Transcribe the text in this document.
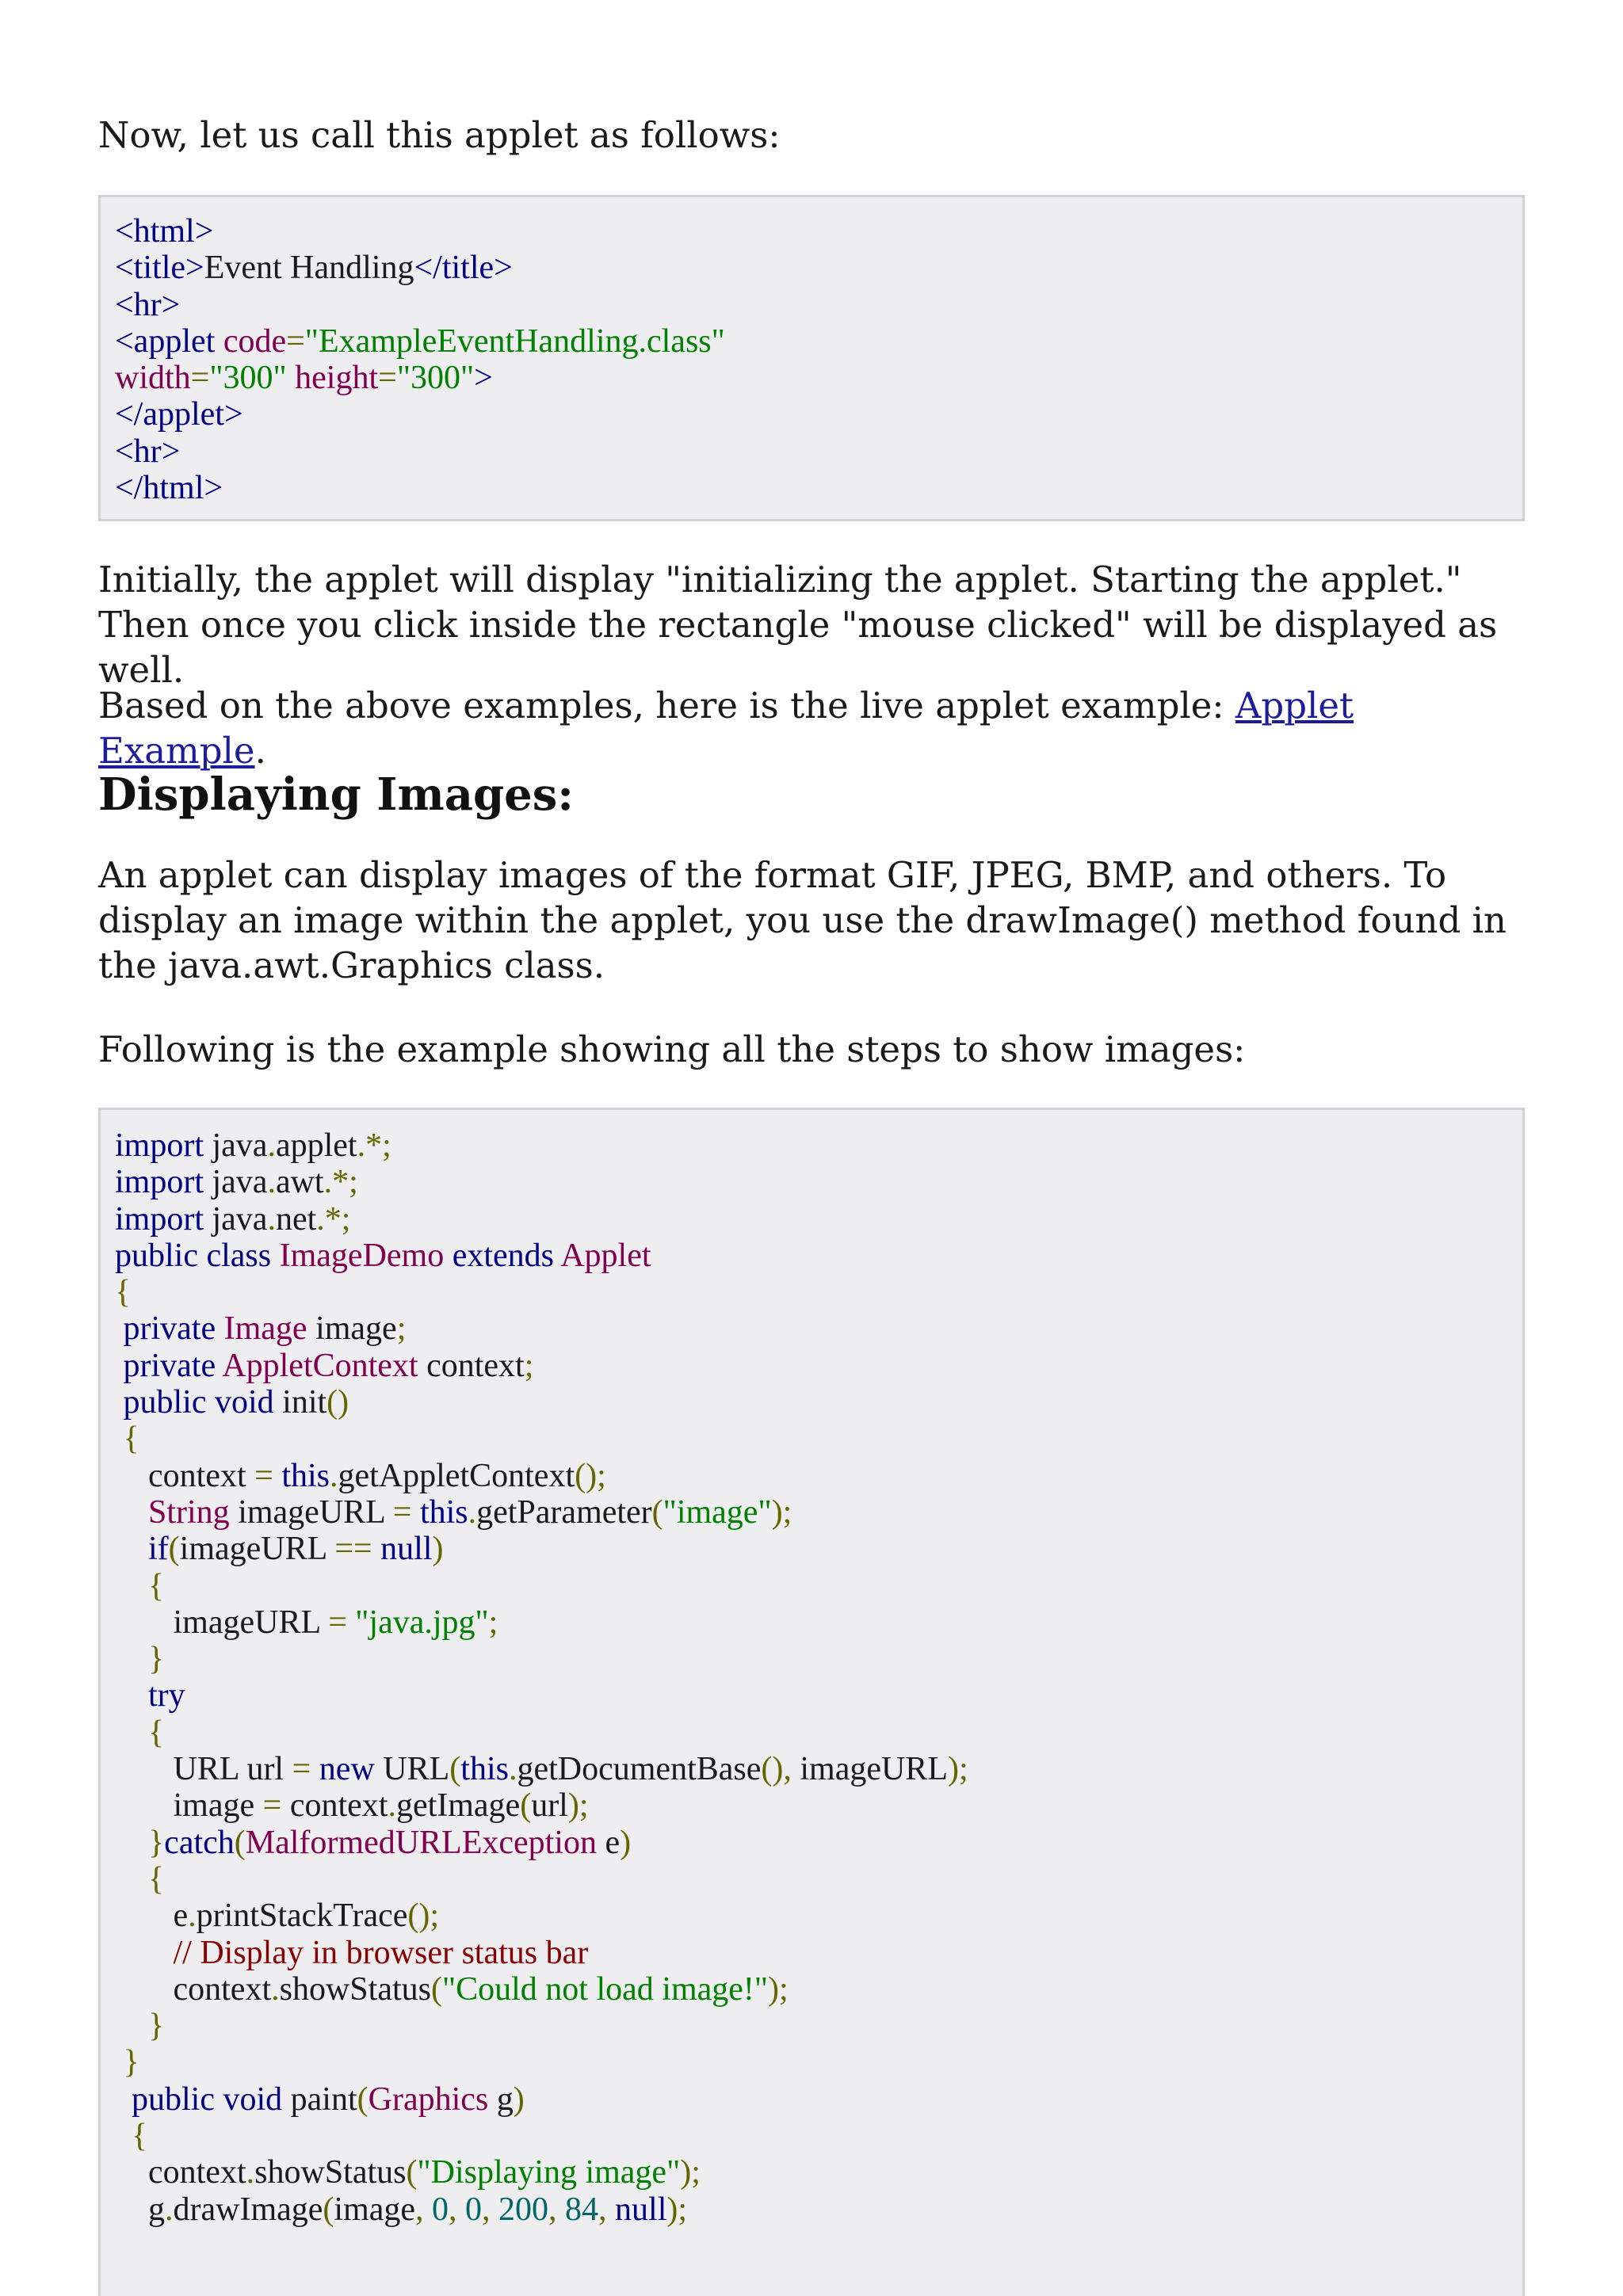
Now, let us call this applet as follows:

<html>
<title>Event Handling</title>
<hr>
<applet code="ExampleEventHandling.class"
width="300" height="300">
</applet>
<hr>
</html>

Initially, the applet will display "initializing the applet. Starting the applet." Then once you click inside the rectangle "mouse clicked" will be displayed as well.

Based on the above examples, here is the live applet example: Applet Example.

Displaying Images:

An applet can display images of the format GIF, JPEG, BMP, and others. To display an image within the applet, you use the drawImage() method found in the java.awt.Graphics class.

Following is the example showing all the steps to show images:

import java.applet.*;
import java.awt.*;
import java.net.*;
public class ImageDemo extends Applet
{
private Image image;
private AppletContext context;
public void init()
{
context = this.getAppletContext();
String imageURL = this.getParameter("image");
if(imageURL == null)
{
imageURL = "java.jpg";
}
try
{
URL url = new URL(this.getDocumentBase(), imageURL);
image = context.getImage(url);
}catch(MalformedURLException e)
{
e.printStackTrace();
// Display in browser status bar
context.showStatus("Could not load image!");
}
}
public void paint(Graphics g)
{
context.showStatus("Displaying image");
g.drawImage(image, 0, 0, 200, 84, null);
